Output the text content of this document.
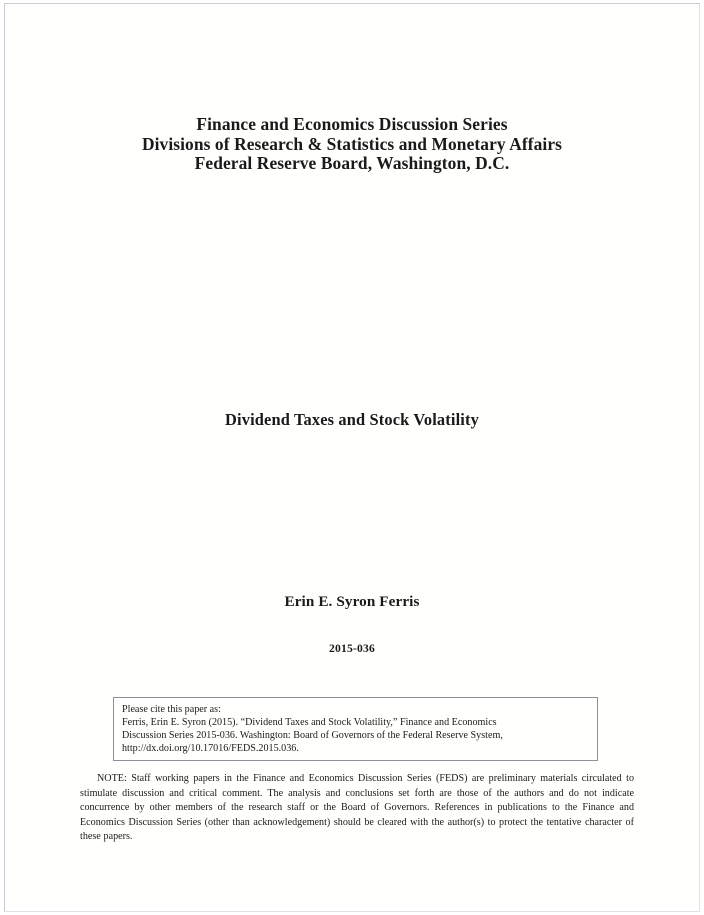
Finance and Economics Discussion Series
Divisions of Research & Statistics and Monetary Affairs
Federal Reserve Board, Washington, D.C.
Dividend Taxes and Stock Volatility
Erin E. Syron Ferris
2015-036
Please cite this paper as:
Ferris, Erin E. Syron (2015). “Dividend Taxes and Stock Volatility,” Finance and Economics
Discussion Series 2015-036. Washington: Board of Governors of the Federal Reserve System,
http://dx.doi.org/10.17016/FEDS.2015.036.
NOTE: Staff working papers in the Finance and Economics Discussion Series (FEDS) are preliminary materials circulated to stimulate discussion and critical comment. The analysis and conclusions set forth are those of the authors and do not indicate concurrence by other members of the research staff or the Board of Governors. References in publications to the Finance and Economics Discussion Series (other than acknowledgement) should be cleared with the author(s) to protect the tentative character of these papers.
